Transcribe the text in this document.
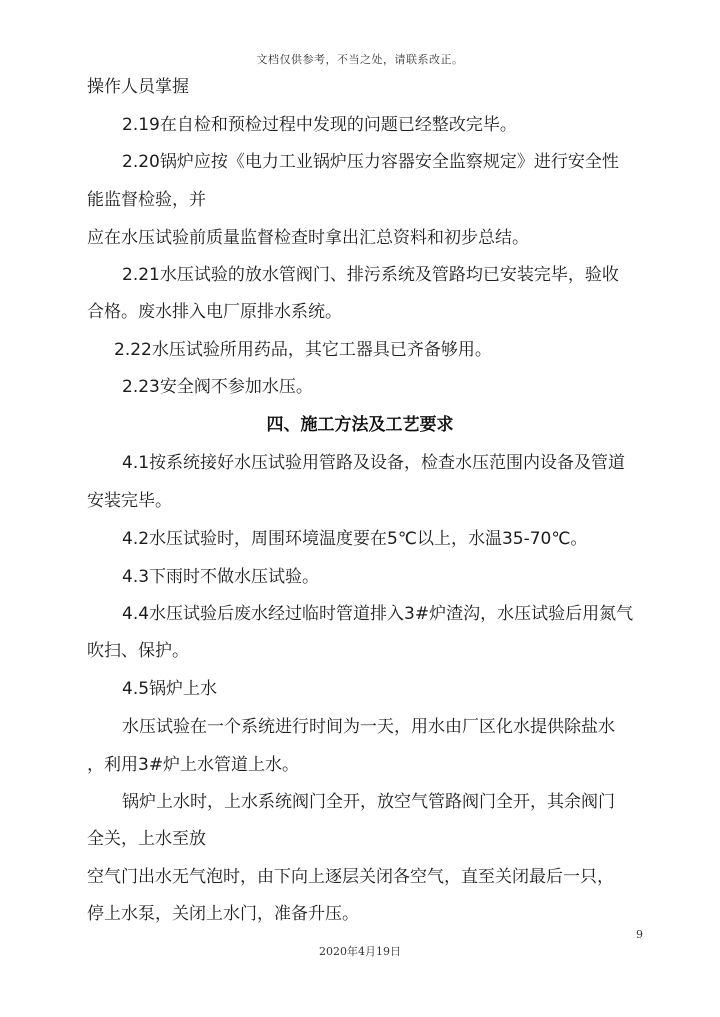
文档仅供参考，不当之处，请联系改正。
操作人员掌握
2.19在自检和预检过程中发现的问题已经整改完毕。
2.20锅炉应按《电力工业锅炉压力容器安全监察规定》进行安全性
能监督检验，并
应在水压试验前质量监督检查时拿出汇总资料和初步总结。
2.21水压试验的放水管阀门、排污系统及管路均已安装完毕，验收
合格。废水排入电厂原排水系统。
2.22水压试验所用药品，其它工器具已齐备够用。
2.23安全阀不参加水压。
四、施工方法及工艺要求
4.1按系统接好水压试验用管路及设备，检查水压范围内设备及管道
安装完毕。
4.2水压试验时，周围环境温度要在5℃以上，水温35-70℃。
4.3下雨时不做水压试验。
4.4水压试验后废水经过临时管道排入3#炉渣沟，水压试验后用氮气
吹扫、保护。
4.5锅炉上水
水压试验在一个系统进行时间为一天，用水由厂区化水提供除盐水
，利用3#炉上水管道上水。
锅炉上水时，上水系统阀门全开，放空气管路阀门全开，其余阀门
全关，上水至放
空气门出水无气泡时，由下向上逐层关闭各空气，直至关闭最后一只，
停上水泵，关闭上水门，准备升压。
9
2020年4月19日
